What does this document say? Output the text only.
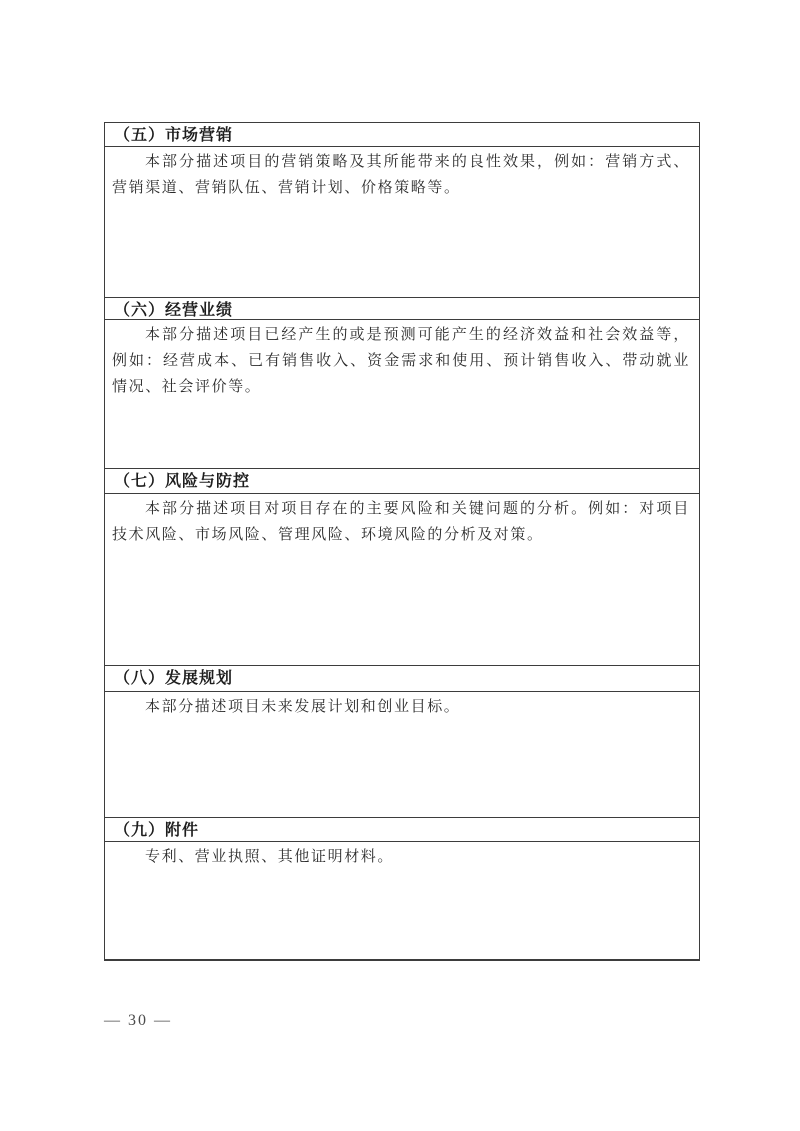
（五）市场营销
本部分描述项目的营销策略及其所能带来的良性效果，例如：营销方式、营销渠道、营销队伍、营销计划、价格策略等。
（六）经营业绩
本部分描述项目已经产生的或是预测可能产生的经济效益和社会效益等，例如：经营成本、已有销售收入、资金需求和使用、预计销售收入、带动就业情况、社会评价等。
（七）风险与防控
本部分描述项目对项目存在的主要风险和关键问题的分析。例如：对项目技术风险、市场风险、管理风险、环境风险的分析及对策。
（八）发展规划
本部分描述项目未来发展计划和创业目标。
（九）附件
专利、营业执照、其他证明材料。
— 30 —
